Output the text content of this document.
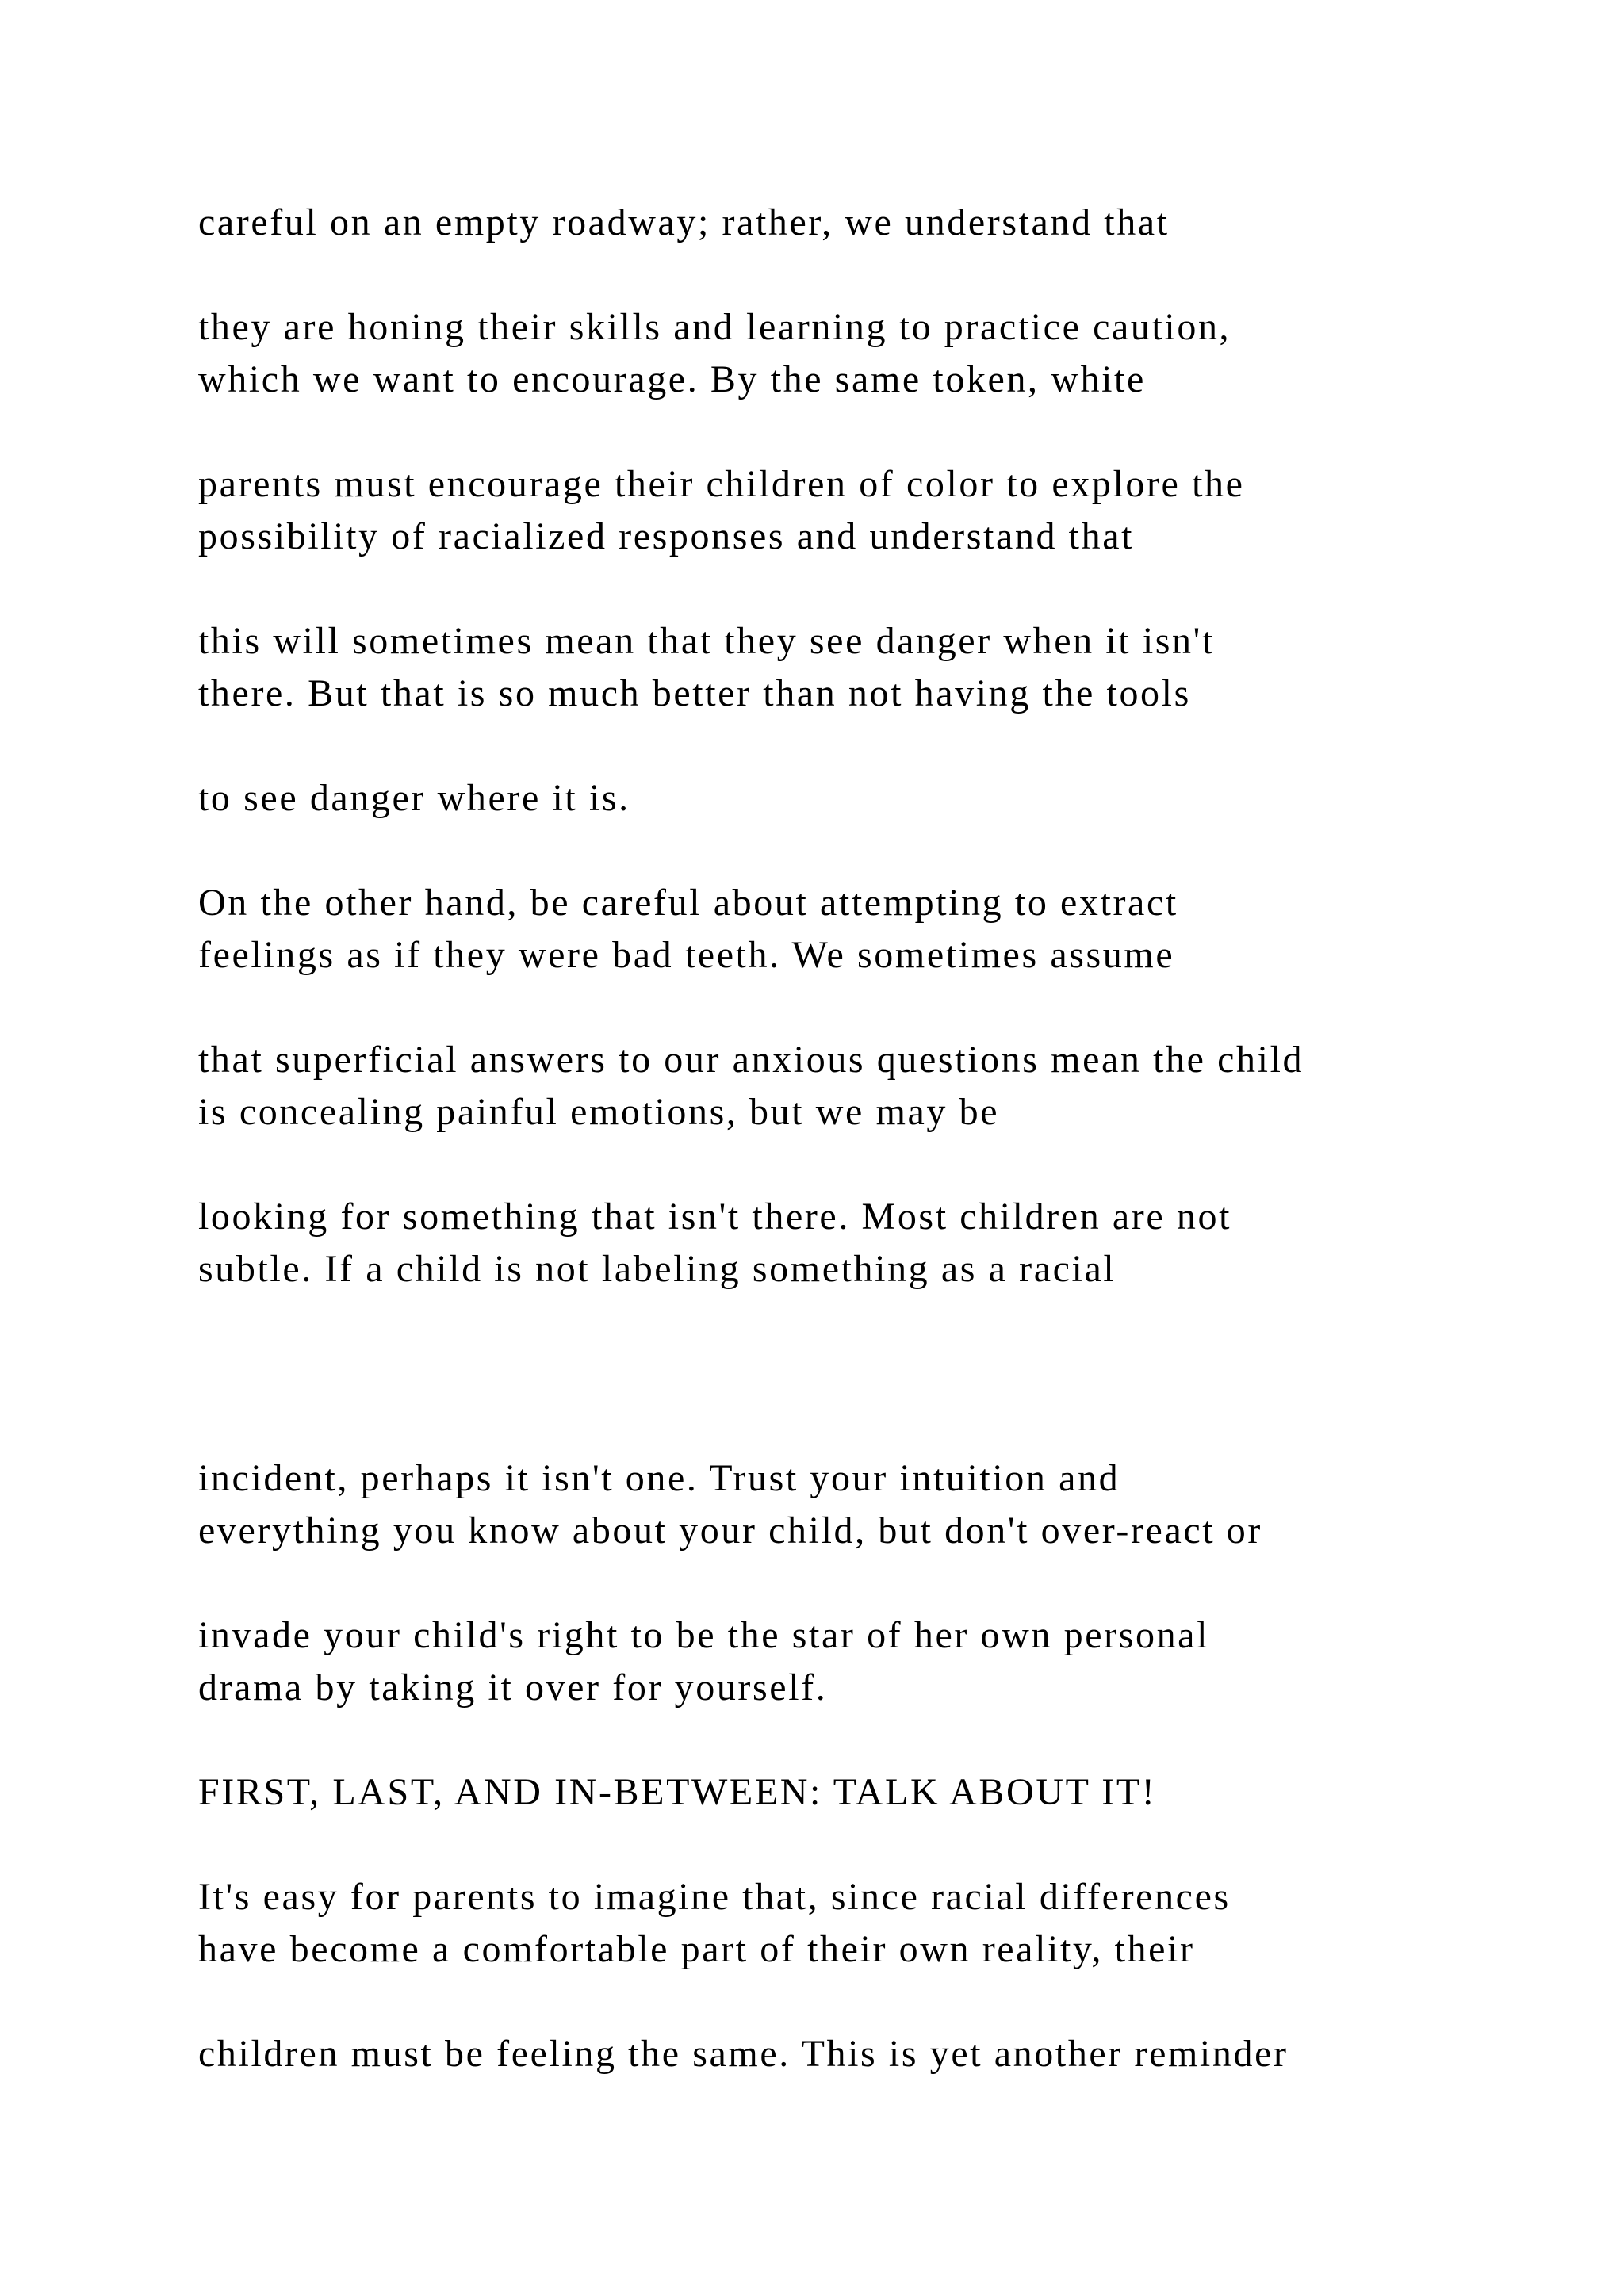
careful on an empty roadway; rather, we understand that

they are honing their skills and learning to practice caution,

which we want to encourage. By the same token, white

parents must encourage their children of color to explore the

possibility of racialized responses and understand that

this will sometimes mean that they see danger when it isn't

there. But that is so much better than not having the tools

to see danger where it is.

On the other hand, be careful about attempting to extract

feelings as if they were bad teeth. We sometimes assume

that superficial answers to our anxious questions mean the child

is concealing painful emotions, but we may be

looking for something that isn't there. Most children are not

subtle. If a child is not labeling something as a racial

incident, perhaps it isn't one. Trust your intuition and

everything you know about your child, but don't over-react or

invade your child's right to be the star of her own personal

drama by taking it over for yourself.

FIRST, LAST, AND IN-BETWEEN: TALK ABOUT IT!

It's easy for parents to imagine that, since racial differences

have become a comfortable part of their own reality, their

children must be feeling the same. This is yet another reminder
